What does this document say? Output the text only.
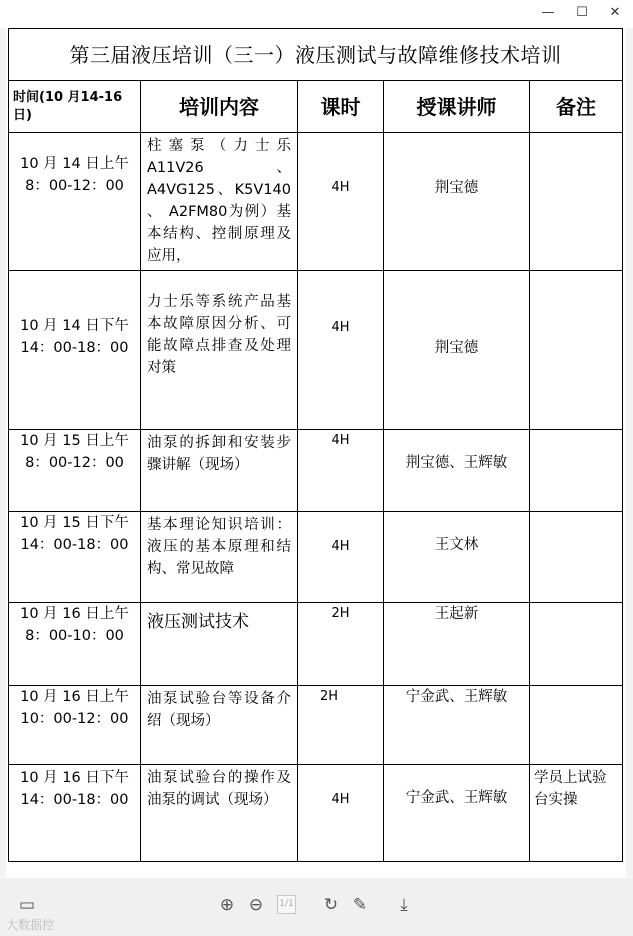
—	☐	✕
第三届液压培训（三一）液压测试与故障维修技术培训				
时间(10 月14-16日)	培训内容	课时	授课讲师	备注
10 月 14 日上午 8：00-12：00	柱塞泵（力士乐A11V26、A4VG125、K5V140 、 A2FM80为例）基本结构、控制原理及应用，	4H	荆宝德	
10 月 14 日下午 14：00-18：00	力士乐等系统产品基本故障原因分析、可能故障点排查及处理对策	4H	荆宝德	
10 月 15 日上午 8：00-12：00	油泵的拆卸和安装步骤讲解（现场）	4H	荆宝德、王辉敏	
10 月 15 日下午 14：00-18：00	基本理论知识培训：液压的基本原理和结构、常见故障	4H	王文林	
10 月 16 日上午 8：00-10：00	液压测试技术	2H	王起新	
10 月 16 日上午 10：00-12：00	油泵试验台等设备介绍（现场）	2H	宁金武、王辉敏	
10 月 16 日下午 14：00-18：00	油泵试验台的操作及油泵的调试（现场）	4H	宁金武、王辉敏	学员上试验台实操
▭	⊕ ⊖	1/1	↻ ✎	⤓
大数据控
